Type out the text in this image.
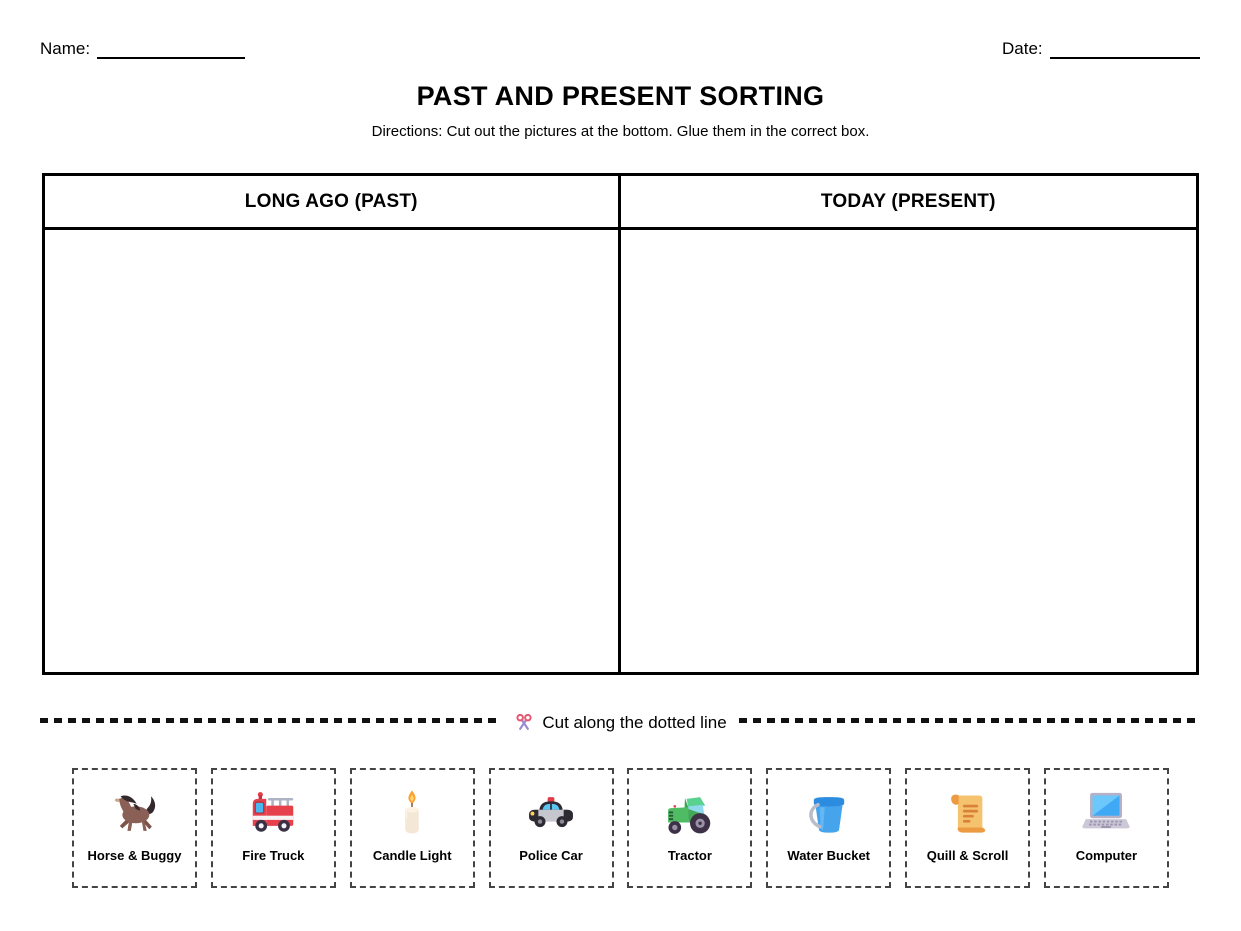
Name:	Date:
PAST AND PRESENT SORTING
Directions: Cut out the pictures at the bottom. Glue them in the correct box.
LONG AGO (PAST)	TODAY (PRESENT)
Cut along the dotted line
Horse & Buggy	Fire Truck	Candle Light	Police Car	Tractor	Water Bucket	Quill & Scroll	Computer
